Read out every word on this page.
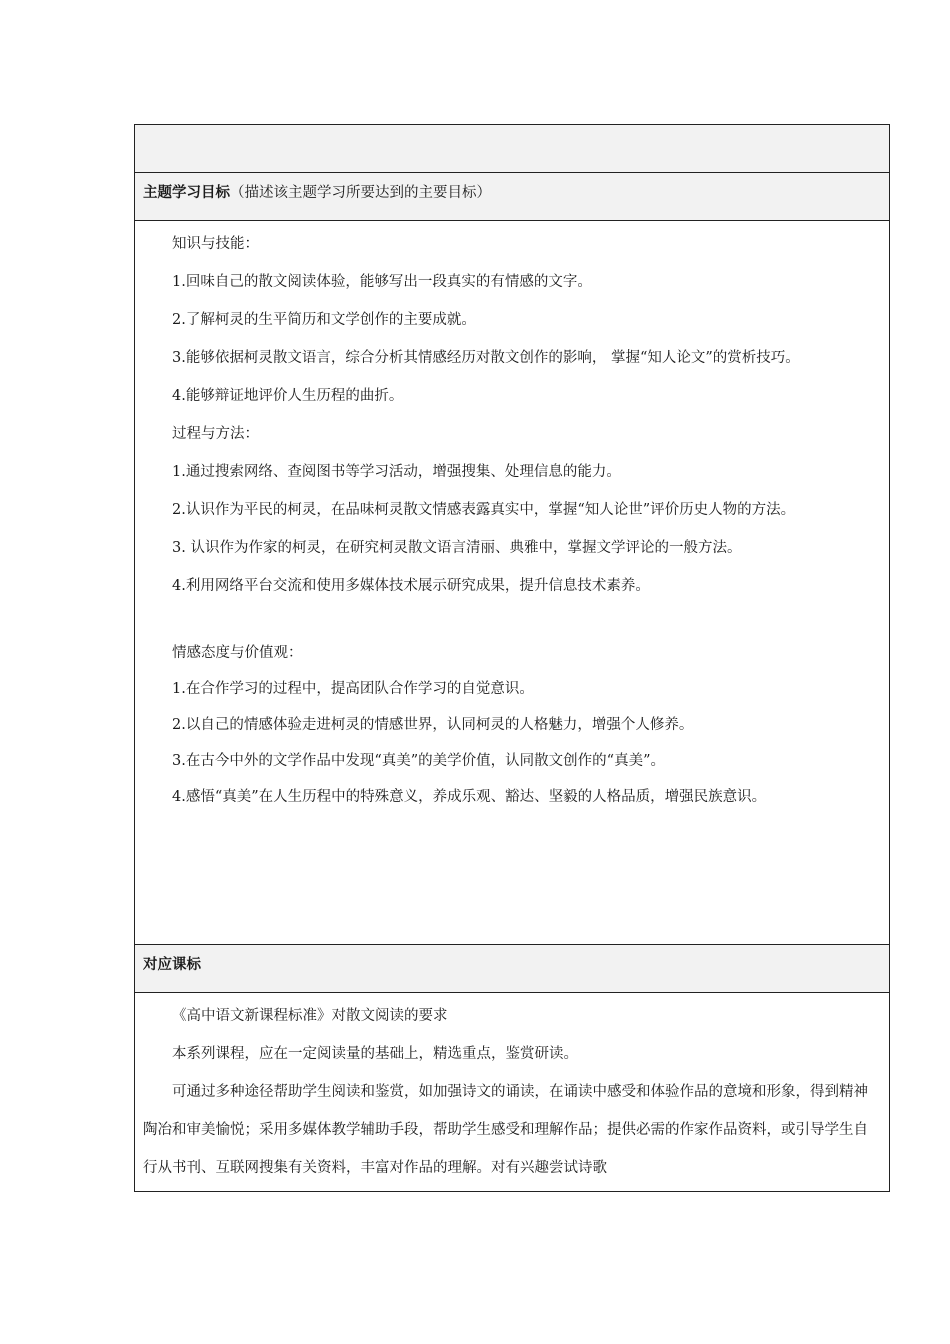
主题学习目标（描述该主题学习所要达到的主要目标）

知识与技能：

1.回味自己的散文阅读体验，能够写出一段真实的有情感的文字。

2.了解柯灵的生平简历和文学创作的主要成就。

3.能够依据柯灵散文语言，综合分析其情感经历对散文创作的影响， 掌握“知人论文”的赏析技巧。

4.能够辩证地评价人生历程的曲折。

过程与方法：

1.通过搜索网络、查阅图书等学习活动，增强搜集、处理信息的能力。

2.认识作为平民的柯灵，在品味柯灵散文情感表露真实中，掌握“知人论世”评价历史人物的方法。

3. 认识作为作家的柯灵，在研究柯灵散文语言清丽、典雅中，掌握文学评论的一般方法。

4.利用网络平台交流和使用多媒体技术展示研究成果，提升信息技术素养。

情感态度与价值观：

1.在合作学习的过程中，提高团队合作学习的自觉意识。

2.以自己的情感体验走进柯灵的情感世界，认同柯灵的人格魅力，增强个人修养。

3.在古今中外的文学作品中发现“真美”的美学价值，认同散文创作的“真美”。

4.感悟“真美”在人生历程中的特殊意义，养成乐观、豁达、坚毅的人格品质，增强民族意识。

对应课标

《高中语文新课程标准》对散文阅读的要求

本系列课程，应在一定阅读量的基础上，精选重点，鉴赏研读。

可通过多种途径帮助学生阅读和鉴赏，如加强诗文的诵读，在诵读中感受和体验作品的意境和形象，得到精神陶冶和审美愉悦；采用多媒体教学辅助手段，帮助学生感受和理解作品；提供必需的作家作品资料，或引导学生自行从书刊、互联网搜集有关资料，丰富对作品的理解。对有兴趣尝试诗歌
